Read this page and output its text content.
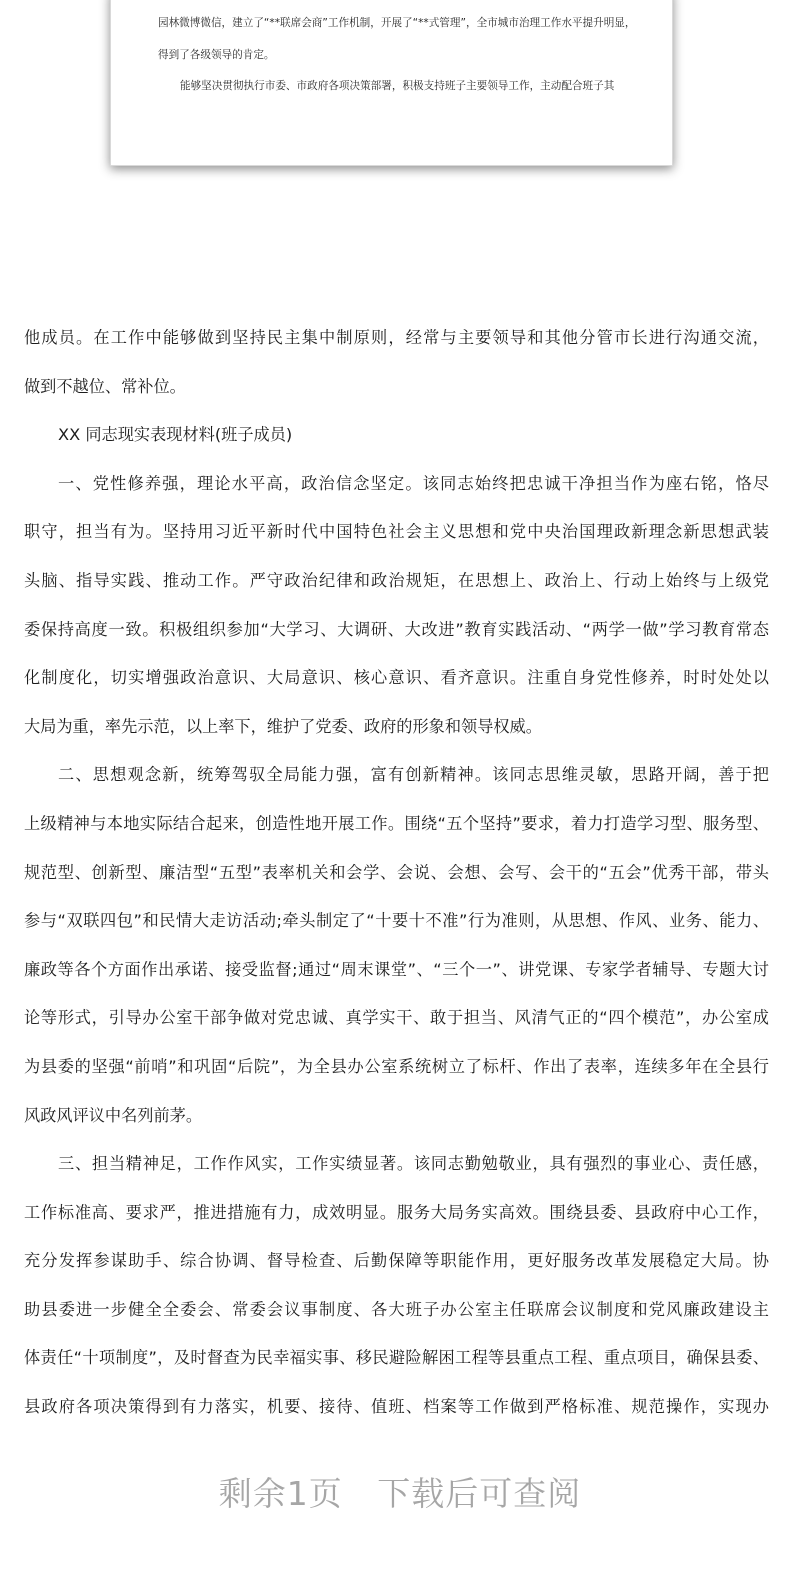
园林微博微信，建立了“**联席会商”工作机制，开展了“**式管理”，全市城市治理工作水平提升明显，
得到了各级领导的肯定。
能够坚决贯彻执行市委、市政府各项决策部署，积极支持班子主要领导工作，主动配合班子其
他成员。在工作中能够做到坚持民主集中制原则，经常与主要领导和其他分管市长进行沟通交流，
做到不越位、常补位。
XX 同志现实表现材料(班子成员)
一、党性修养强，理论水平高，政治信念坚定。该同志始终把忠诚干净担当作为座右铭，恪尽
职守，担当有为。坚持用习近平新时代中国特色社会主义思想和党中央治国理政新理念新思想武装
头脑、指导实践、推动工作。严守政治纪律和政治规矩，在思想上、政治上、行动上始终与上级党
委保持高度一致。积极组织参加“大学习、大调研、大改进”教育实践活动、“两学一做”学习教育常态
化制度化，切实增强政治意识、大局意识、核心意识、看齐意识。注重自身党性修养，时时处处以
大局为重，率先示范，以上率下，维护了党委、政府的形象和领导权威。
二、思想观念新，统筹驾驭全局能力强，富有创新精神。该同志思维灵敏，思路开阔，善于把
上级精神与本地实际结合起来，创造性地开展工作。围绕“五个坚持”要求，着力打造学习型、服务型、
规范型、创新型、廉洁型“五型”表率机关和会学、会说、会想、会写、会干的“五会”优秀干部，带头
参与“双联四包”和民情大走访活动;牵头制定了“十要十不准”行为准则，从思想、作风、业务、能力、
廉政等各个方面作出承诺、接受监督;通过“周末课堂”、“三个一”、讲党课、专家学者辅导、专题大讨
论等形式，引导办公室干部争做对党忠诚、真学实干、敢于担当、风清气正的“四个模范”，办公室成
为县委的坚强“前哨”和巩固“后院”，为全县办公室系统树立了标杆、作出了表率，连续多年在全县行
风政风评议中名列前茅。
三、担当精神足，工作作风实，工作实绩显著。该同志勤勉敬业，具有强烈的事业心、责任感，
工作标准高、要求严，推进措施有力，成效明显。服务大局务实高效。围绕县委、县政府中心工作，
充分发挥参谋助手、综合协调、督导检查、后勤保障等职能作用，更好服务改革发展稳定大局。协
助县委进一步健全全委会、常委会议事制度、各大班子办公室主任联席会议制度和党风廉政建设主
体责任“十项制度”，及时督查为民幸福实事、移民避险解困工程等县重点工程、重点项目，确保县委、
县政府各项决策得到有力落实，机要、接待、值班、档案等工作做到严格标准、规范操作，实现办
剩余1页   下载后可查阅
